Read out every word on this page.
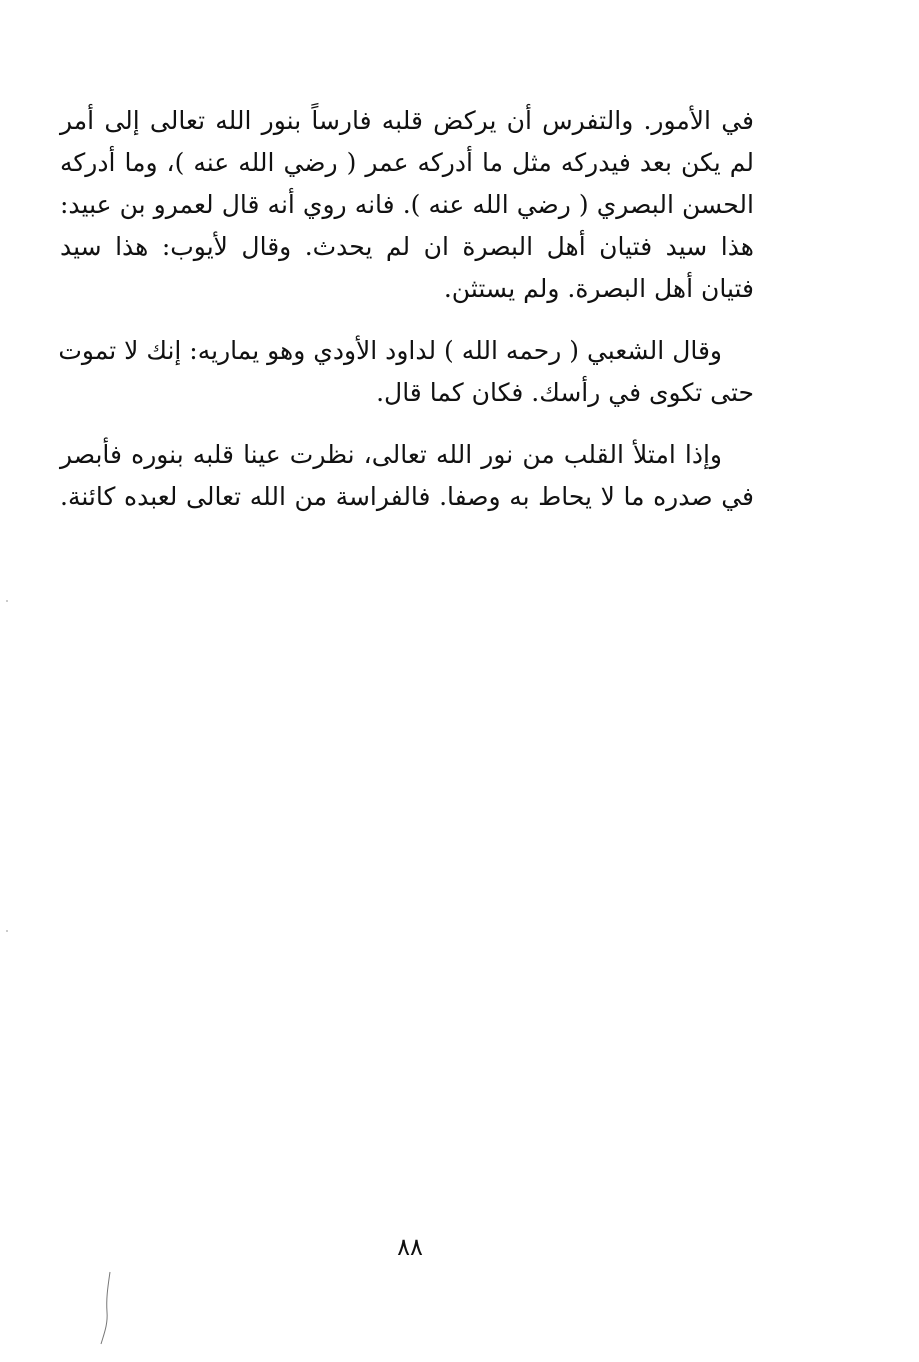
في الأمور. والتفرس أن يركض قلبه فارساً بنور الله تعالى إلى أمر
لم يكن بعد فيدركه مثل ما أدركه عمر ( رضي الله عنه )، وما أدركه
الحسن البصري ( رضي الله عنه ). فانه روي أنه قال لعمرو بن عبيد:
هذا سيد فتيان أهل البصرة ان لم يحدث. وقال لأيوب: هذا سيد
فتيان أهل البصرة. ولم يستثن.

وقال الشعبي ( رحمه الله ) لداود الأودي وهو يماريه: إنك لا تموت
حتى تكوى في رأسك. فكان كما قال.

وإذا امتلأ القلب من نور الله تعالى، نظرت عينا قلبه بنوره فأبصر
في صدره ما لا يحاط به وصفا. فالفراسة من الله تعالى لعبده كائنة.

٨٨
